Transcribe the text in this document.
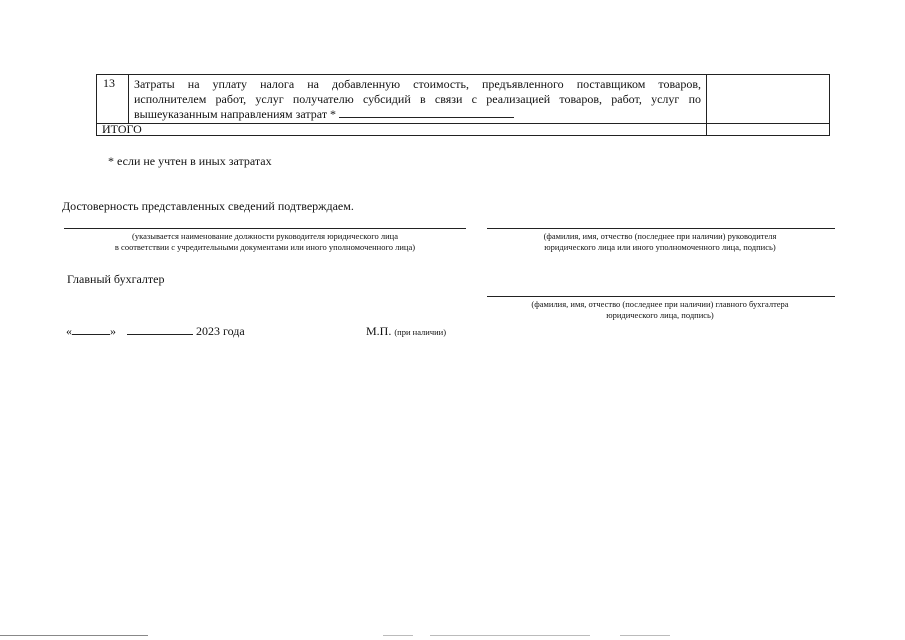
13	Затраты на уплату налога на добавленную стоимость, предъявленного поставщиком товаров,
исполнителем работ, услуг получателю субсидий в связи с реализацией товаров, работ, услуг по
вышеуказанным направлениям затрат *	

ИТОГО		
* если не учтен в иных затратах
Достоверность представленных сведений подтверждаем.
(указывается наименование должности руководителя юридического лица
в соответствии с учредительными документами или иного уполномоченного лица)
(фамилия, имя, отчество (последнее при наличии) руководителя
юридического лица или иного уполномоченного лица, подпись)
Главный бухгалтер
(фамилия, имя, отчество (последнее при наличии) главного бухгалтера
юридического лица, подпись)
«	»	2023 года	М.П. (при наличии)
